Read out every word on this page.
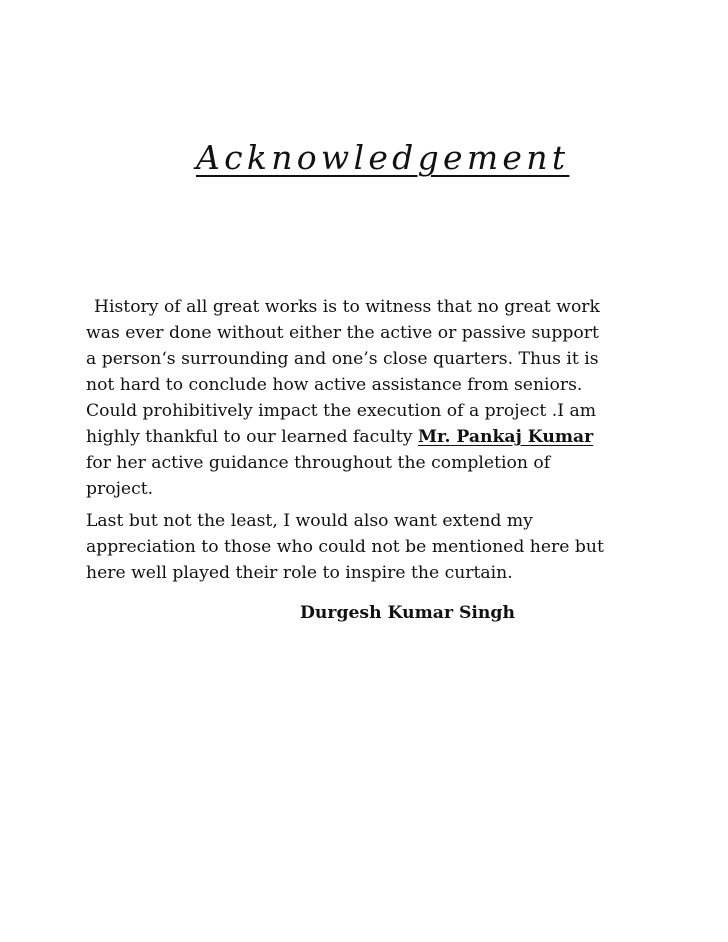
Acknowledgement
History of all great works is to witness that no great work
was ever done without either the active or passive support
a person‘s surrounding and one’s close quarters. Thus it is
not hard to conclude how active assistance from seniors.
Could prohibitively impact the execution of a project .I am
highly thankful to our learned faculty Mr. Pankaj Kumar
for her active guidance throughout the completion of
project.
Last but not the least, I would also want extend my
appreciation to those who could not be mentioned here but
here well played their role to inspire the curtain.

Durgesh Kumar Singh
